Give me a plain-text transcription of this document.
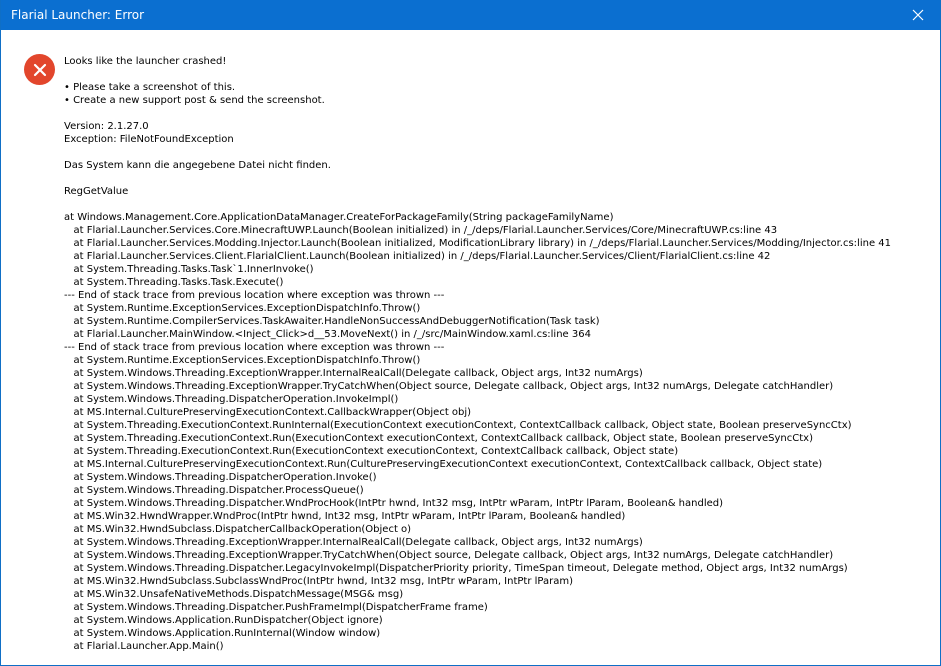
Flarial Launcher: Error
Looks like the launcher crashed!
• Please take a screenshot of this.
• Create a new support post & send the screenshot.
Version: 2.1.27.0
Exception: FileNotFoundException
Das System kann die angegebene Datei nicht finden.
RegGetValue
at Windows.Management.Core.ApplicationDataManager.CreateForPackageFamily(String packageFamilyName)
at Flarial.Launcher.Services.Core.MinecraftUWP.Launch(Boolean initialized) in /_/deps/Flarial.Launcher.Services/Core/MinecraftUWP.cs:line 43
at Flarial.Launcher.Services.Modding.Injector.Launch(Boolean initialized, ModificationLibrary library) in /_/deps/Flarial.Launcher.Services/Modding/Injector.cs:line 41
at Flarial.Launcher.Services.Client.FlarialClient.Launch(Boolean initialized) in /_/deps/Flarial.Launcher.Services/Client/FlarialClient.cs:line 42
at System.Threading.Tasks.Task`1.InnerInvoke()
at System.Threading.Tasks.Task.Execute()
--- End of stack trace from previous location where exception was thrown ---
at System.Runtime.ExceptionServices.ExceptionDispatchInfo.Throw()
at System.Runtime.CompilerServices.TaskAwaiter.HandleNonSuccessAndDebuggerNotification(Task task)
at Flarial.Launcher.MainWindow.<Inject_Click>d__53.MoveNext() in /_/src/MainWindow.xaml.cs:line 364
--- End of stack trace from previous location where exception was thrown ---
at System.Runtime.ExceptionServices.ExceptionDispatchInfo.Throw()
at System.Windows.Threading.ExceptionWrapper.InternalRealCall(Delegate callback, Object args, Int32 numArgs)
at System.Windows.Threading.ExceptionWrapper.TryCatchWhen(Object source, Delegate callback, Object args, Int32 numArgs, Delegate catchHandler)
at System.Windows.Threading.DispatcherOperation.InvokeImpl()
at MS.Internal.CulturePreservingExecutionContext.CallbackWrapper(Object obj)
at System.Threading.ExecutionContext.RunInternal(ExecutionContext executionContext, ContextCallback callback, Object state, Boolean preserveSyncCtx)
at System.Threading.ExecutionContext.Run(ExecutionContext executionContext, ContextCallback callback, Object state, Boolean preserveSyncCtx)
at System.Threading.ExecutionContext.Run(ExecutionContext executionContext, ContextCallback callback, Object state)
at MS.Internal.CulturePreservingExecutionContext.Run(CulturePreservingExecutionContext executionContext, ContextCallback callback, Object state)
at System.Windows.Threading.DispatcherOperation.Invoke()
at System.Windows.Threading.Dispatcher.ProcessQueue()
at System.Windows.Threading.Dispatcher.WndProcHook(IntPtr hwnd, Int32 msg, IntPtr wParam, IntPtr lParam, Boolean& handled)
at MS.Win32.HwndWrapper.WndProc(IntPtr hwnd, Int32 msg, IntPtr wParam, IntPtr lParam, Boolean& handled)
at MS.Win32.HwndSubclass.DispatcherCallbackOperation(Object o)
at System.Windows.Threading.ExceptionWrapper.InternalRealCall(Delegate callback, Object args, Int32 numArgs)
at System.Windows.Threading.ExceptionWrapper.TryCatchWhen(Object source, Delegate callback, Object args, Int32 numArgs, Delegate catchHandler)
at System.Windows.Threading.Dispatcher.LegacyInvokeImpl(DispatcherPriority priority, TimeSpan timeout, Delegate method, Object args, Int32 numArgs)
at MS.Win32.HwndSubclass.SubclassWndProc(IntPtr hwnd, Int32 msg, IntPtr wParam, IntPtr lParam)
at MS.Win32.UnsafeNativeMethods.DispatchMessage(MSG& msg)
at System.Windows.Threading.Dispatcher.PushFrameImpl(DispatcherFrame frame)
at System.Windows.Application.RunDispatcher(Object ignore)
at System.Windows.Application.RunInternal(Window window)
at Flarial.Launcher.App.Main()
